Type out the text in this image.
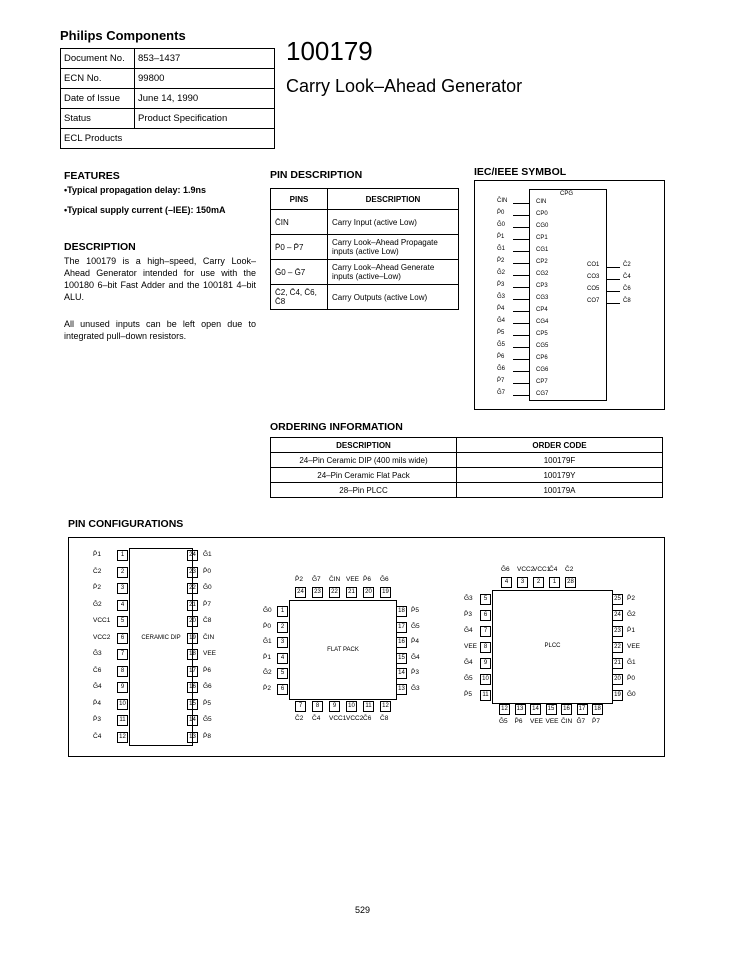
Philips Components
Document No.	853–1437
ECN No.	99800
Date of Issue	June 14, 1990
Status	Product Specification
ECL Products	
100179
Carry Look–Ahead Generator
FEATURES
•Typical propagation delay: 1.9ns
•Typical supply current (–IEE): 150mA
DESCRIPTION
The 100179 is a high–speed, Carry Look–Ahead Generator intended for use with the 100180 6–bit Fast Adder and the 100181 4–bit ALU.
All unused inputs can be left open due to integrated pull–down resistors.
PIN DESCRIPTION
PINS	DESCRIPTION
C̄IN	Carry Input (active Low)
P̄0 – P̄7	Carry Look–Ahead Propagate inputs (active Low)
Ḡ0 – Ḡ7	Carry Look–Ahead Generate inputs (active–Low)
C̄2, C̄4, C̄6, C̄8	Carry Outputs (active Low)
IEC/IEEE SYMBOL
CPG
CIN
CP0
CG0
CP1
CG1
CP2
CG2
CP3
CG3
CP4
CG4
CP5
CG5
CP6
CG6
CP7
CG7
C̄IN
P̄0
Ḡ0
P̄1
Ḡ1
P̄2
Ḡ2
P̄3
Ḡ3
P̄4
Ḡ4
P̄5
Ḡ5
P̄6
Ḡ6
P̄7
Ḡ7
CO1	C̄2
CO3	C̄4
CO5	C̄6
CO7	C̄8
ORDERING INFORMATION
DESCRIPTION	ORDER CODE
24–Pin Ceramic DIP (400 mils wide)	100179F
24–Pin Ceramic Flat Pack	100179Y
28–Pin PLCC	100179A
PIN CONFIGURATIONS
CERAMIC DIP
1
P̄1
2
C̄2
3
P̄2
4
Ḡ2
5
VCC1
6
VCC2
7
Ḡ3
8
C̄6
9
Ḡ4
10
P̄4
11
P̄3
12
C̄4
24	Ḡ1
23	P̄0
22	Ḡ0
21	P̄7
20	C̄8
19	C̄IN
18	VEE
17	P̄6
16	Ḡ6
15	P̄5
14	Ḡ5
13	P̄8
FLAT PACK
24
P̄2
23
Ḡ7
22
C̄IN
21
VEE
20
P̄6
19
Ḡ6
7
C̄2
8
C̄4
9
VCC1
10
VCC2
11
C̄6
12
C̄8
1
Ḡ0
2
P̄0
3
Ḡ1
4
P̄1
5
Ḡ2
6
P̄2
18 P̄5
17 Ḡ5
16 P̄4
15 Ḡ4
14 P̄3
13 Ḡ3
PLCC
4
Ḡ6
3
VCC2
2
VCC1
1
C̄4
28
C̄2
12
Ḡ5
13
P̄6
14
VEE
15
VEE
16
C̄IN
17
Ḡ7
18
P̄7
5
Ḡ3
6
P̄3
7
Ḡ4
8
VEE
9
Ḡ4
10
Ḡ5
11
P̄5
25 P̄2
24 Ḡ2
23 P̄1
22 VEE
21 Ḡ1
20 P̄0
19 Ḡ0
529
